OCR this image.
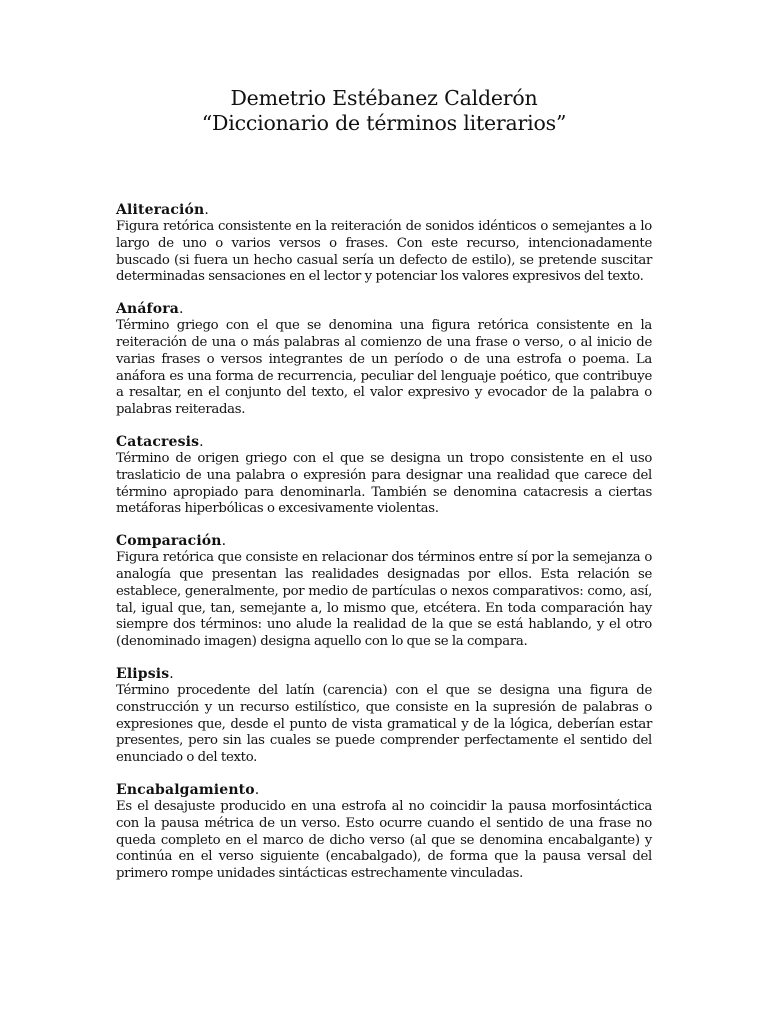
Demetrio Estébanez Calderón
“Diccionario de términos literarios”
Aliteración.
Figura retórica consistente en la reiteración de sonidos idénticos o semejantes a lo largo de uno o varios versos o frases. Con este recurso, intencionadamente buscado (si fuera un hecho casual sería un defecto de estilo), se pretende suscitar determinadas sensaciones en el lector y potenciar los valores expresivos del texto.
Anáfora.
Término griego con el que se denomina una figura retórica consistente en la reiteración de una o más palabras al comienzo de una frase o verso, o al inicio de varias frases o versos integrantes de un período o de una estrofa o poema. La anáfora es una forma de recurrencia, peculiar del lenguaje poético, que contribuye a resaltar, en el conjunto del texto, el valor expresivo y evocador de la palabra o palabras reiteradas.
Catacresis.
Término de origen griego con el que se designa un tropo consistente en el uso traslaticio de una palabra o expresión para designar una realidad que carece del término apropiado para denominarla. También se denomina catacresis a ciertas metáforas hiperbólicas o excesivamente violentas.
Comparación.
Figura retórica que consiste en relacionar dos términos entre sí por la semejanza o analogía que presentan las realidades designadas por ellos. Esta relación se establece, generalmente, por medio de partículas o nexos comparativos: como, así, tal, igual que, tan, semejante a, lo mismo que, etcétera. En toda comparación hay siempre dos términos: uno alude la realidad de la que se está hablando, y el otro (denominado imagen) designa aquello con lo que se la compara.
Elipsis.
Término procedente del latín (carencia) con el que se designa una figura de construcción y un recurso estilístico, que consiste en la supresión de palabras o expresiones que, desde el punto de vista gramatical y de la lógica, deberían estar presentes, pero sin las cuales se puede comprender perfectamente el sentido del enunciado o del texto.
Encabalgamiento.
Es el desajuste producido en una estrofa al no coincidir la pausa morfosintáctica con la pausa métrica de un verso. Esto ocurre cuando el sentido de una frase no queda completo en el marco de dicho verso (al que se denomina encabalgante) y continúa en el verso siguiente (encabalgado), de forma que la pausa versal del primero rompe unidades sintácticas estrechamente vinculadas.
